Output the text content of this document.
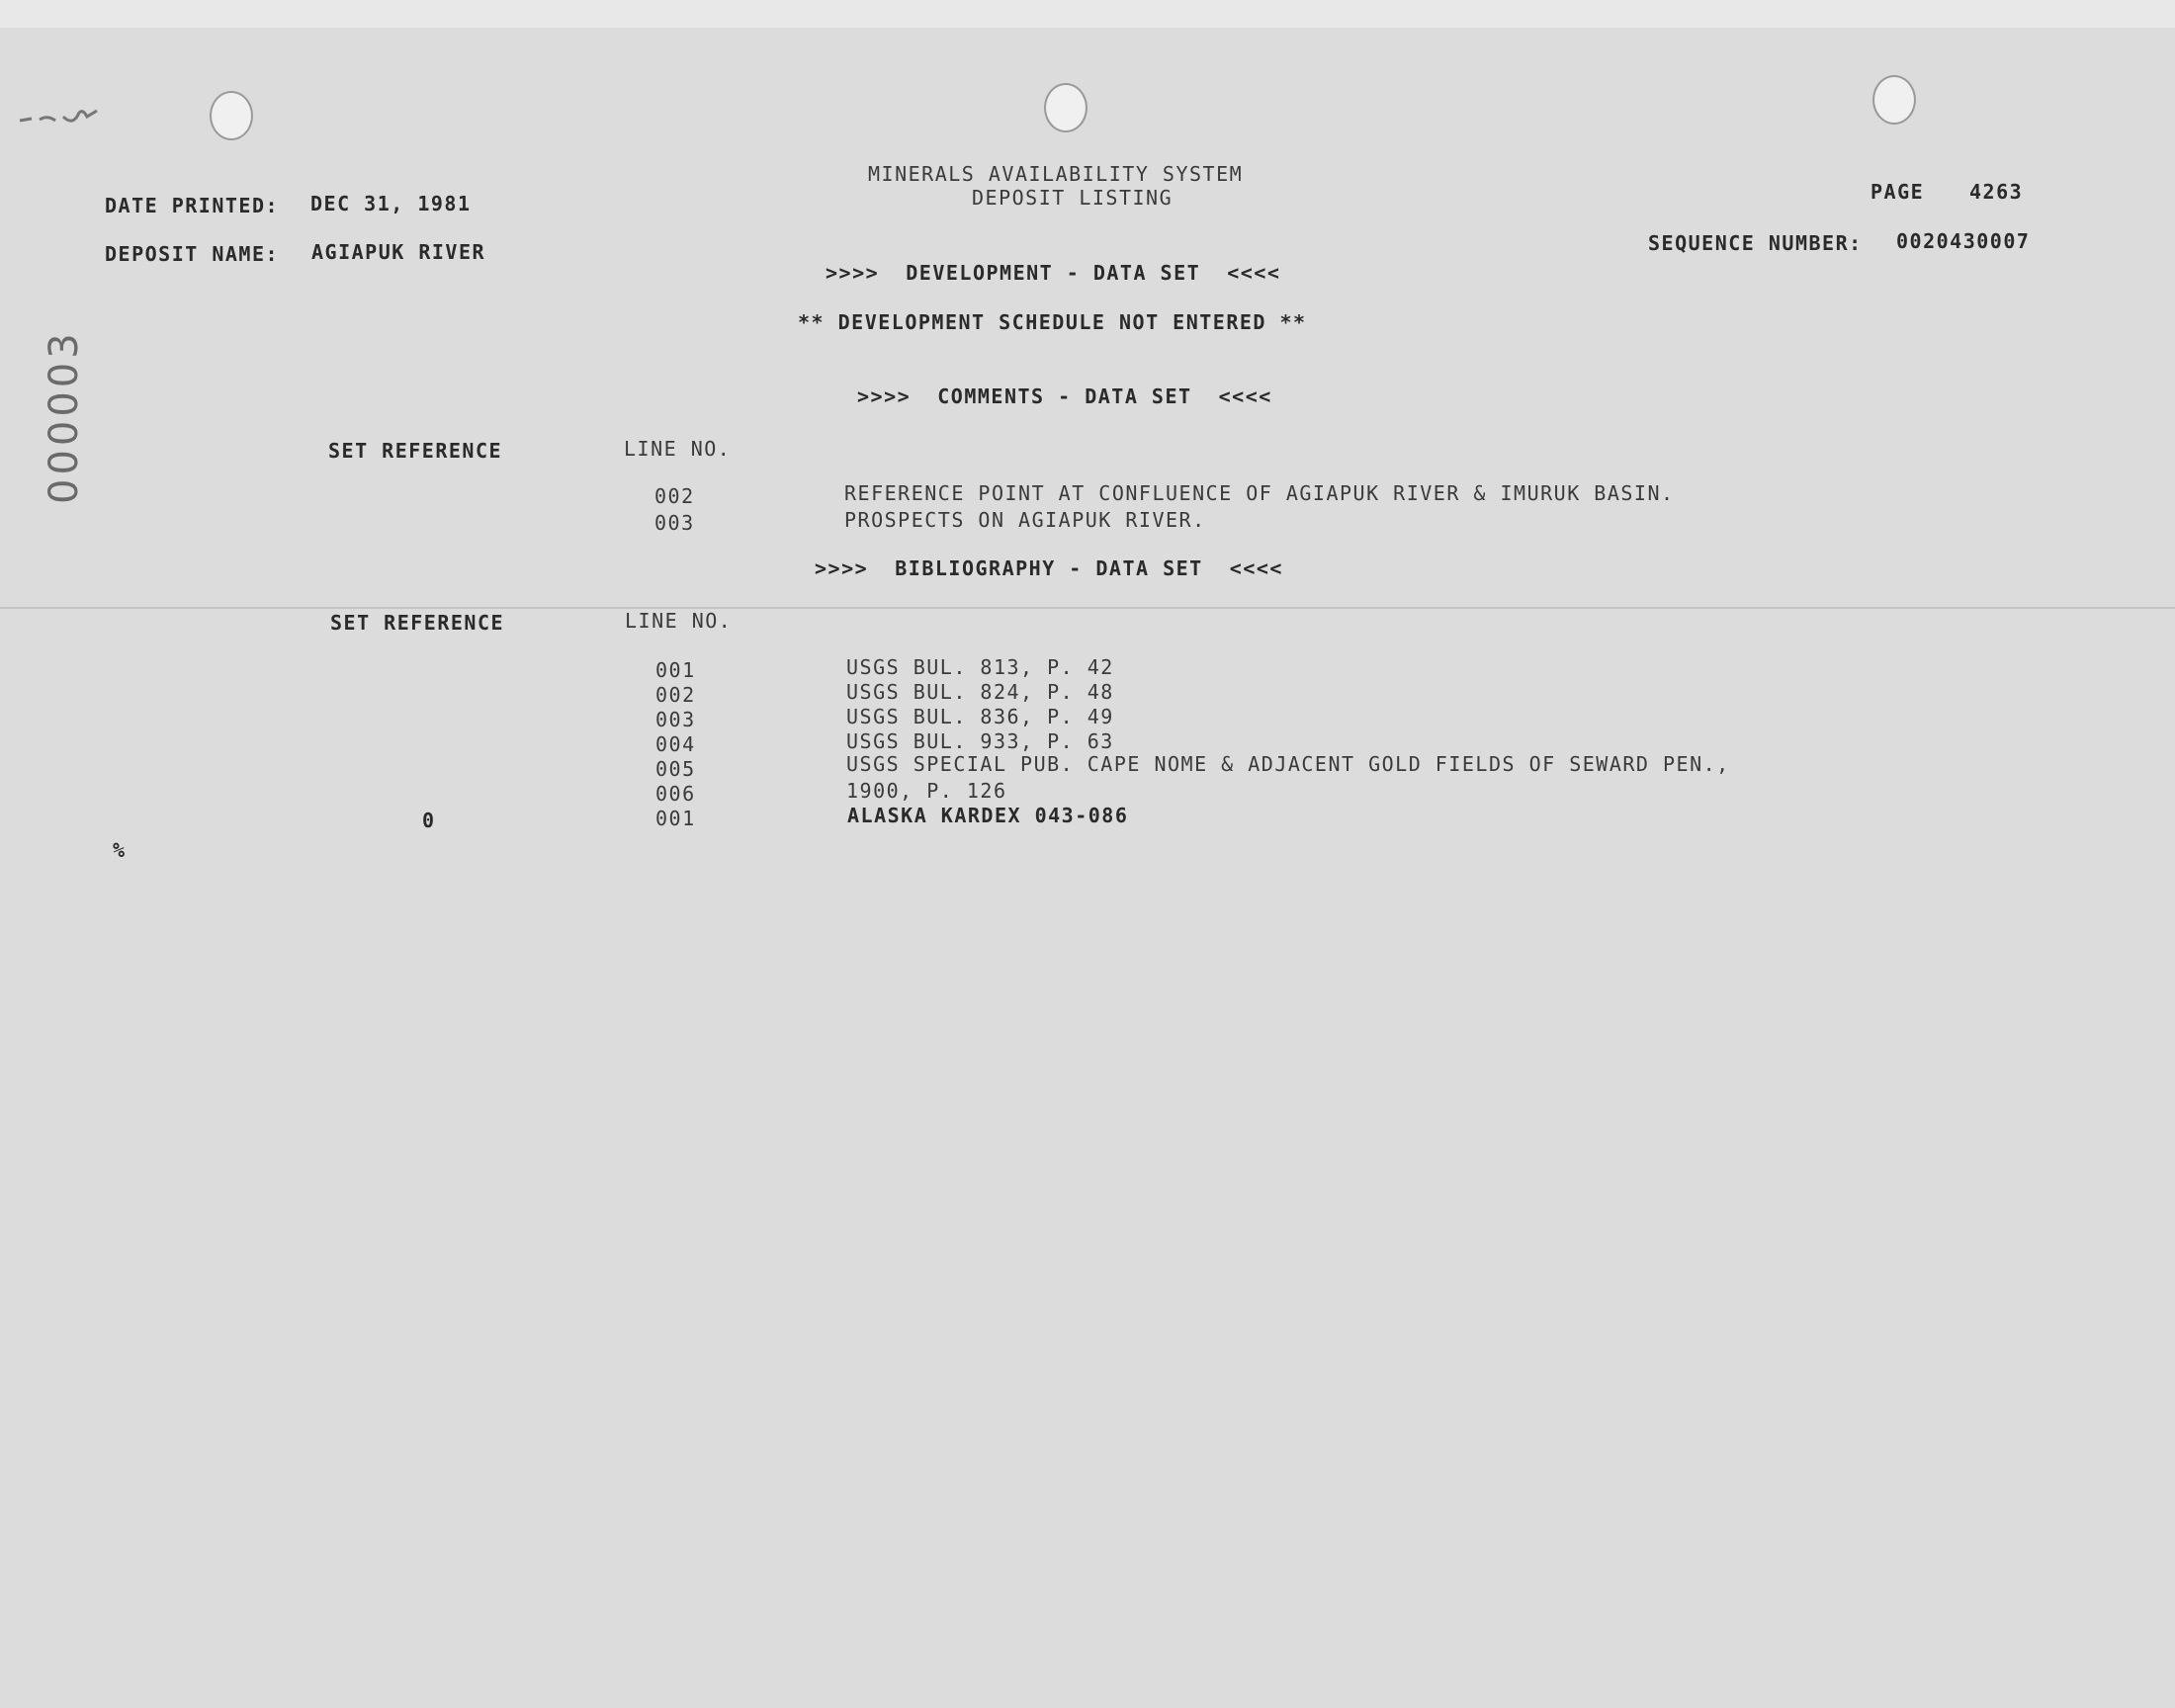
000003
MINERALS AVAILABILITY SYSTEM
DEPOSIT LISTING
DATE PRINTED: DEC 31, 1981
DEPOSIT NAME: AGIAPUK RIVER
PAGE 4263
SEQUENCE NUMBER: 0020430007
>>>>  DEVELOPMENT - DATA SET  <<<<
** DEVELOPMENT SCHEDULE NOT ENTERED **
>>>>  COMMENTS - DATA SET  <<<<
SET REFERENCE	LINE NO.
002	REFERENCE POINT AT CONFLUENCE OF AGIAPUK RIVER & IMURUK BASIN.
003	PROSPECTS ON AGIAPUK RIVER.
>>>>  BIBLIOGRAPHY - DATA SET  <<<<
SET REFERENCE	LINE NO.
001	USGS BUL. 813, P. 42
002	USGS BUL. 824, P. 48
003	USGS BUL. 836, P. 49
004	USGS BUL. 933, P. 63
005	USGS SPECIAL PUB. CAPE NOME & ADJACENT GOLD FIELDS OF SEWARD PEN.,
006	1900, P. 126
0	001	ALASKA KARDEX 043-086
%
